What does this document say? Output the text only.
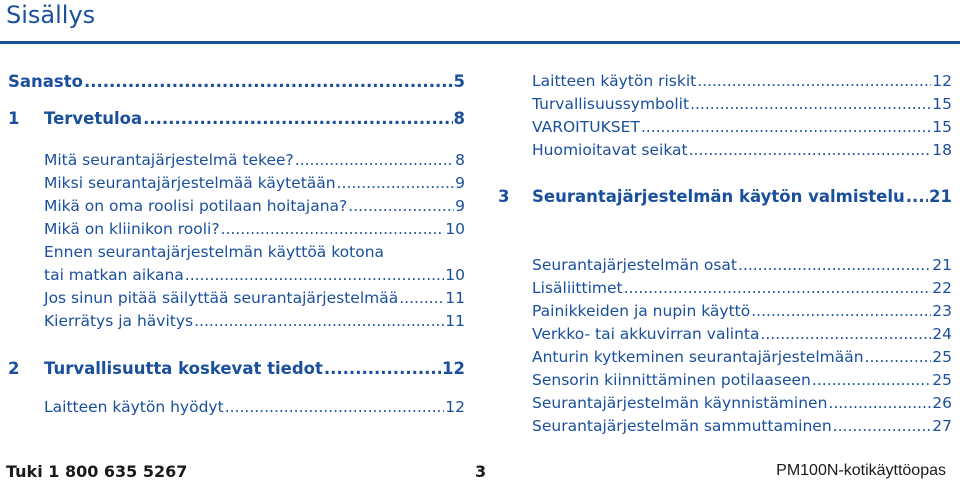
Sisällys
Sanasto .....	5
1 Tervetuloa .....	8
Mitä seurantajärjestelmä tekee? .....	8
Miksi seurantajärjestelmää käytetään .....	9
Mikä on oma roolisi potilaan hoitajana? .....	9
Mikä on kliinikon rooli? .....	10
Ennen seurantajärjestelmän käyttöä kotona
tai matkan aikana .....	10
Jos sinun pitää säilyttää seurantajärjestelmää .....	11
Kierrätys ja hävitys .....	11
2 Turvallisuutta koskevat tiedot .....	12
Laitteen käytön hyödyt .....	12
Laitteen käytön riskit .....	12
Turvallisuussymbolit .....	15
VAROITUKSET .....	15
Huomioitavat seikat .....	18
3 Seurantajärjestelmän käytön valmistelu ..... 21
Seurantajärjestelmän osat .....	21
Lisäliittimet .....	22
Painikkeiden ja nupin käyttö .....	23
Verkko- tai akkuvirran valinta .....	24
Anturin kytkeminen seurantajärjestelmään .....	25
Sensorin kiinnittäminen potilaaseen .....	25
Seurantajärjestelmän käynnistäminen .....	26
Seurantajärjestelmän sammuttaminen .....	27
Tuki 1 800 635 5267	3	PM100N-kotikäyttöopas
